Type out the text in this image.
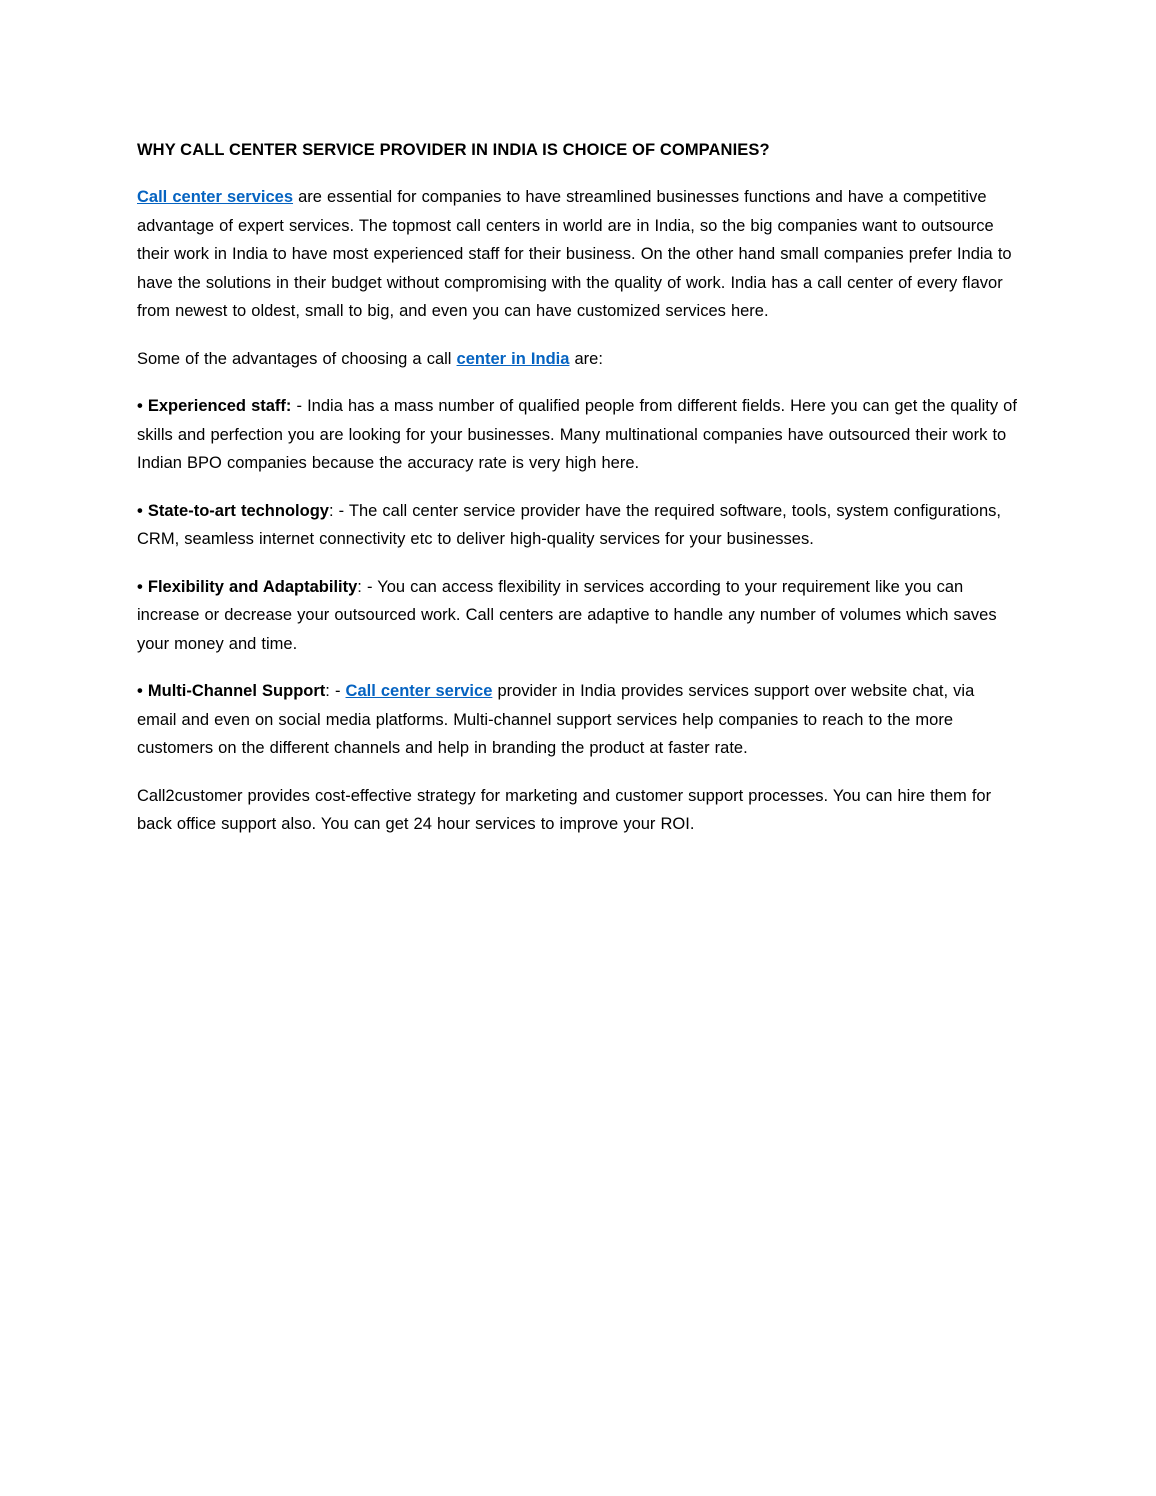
WHY CALL CENTER SERVICE PROVIDER IN INDIA IS CHOICE OF COMPANIES?

Call center services are essential for companies to have streamlined businesses functions and have a competitive advantage of expert services. The topmost call centers in world are in India, so the big companies want to outsource their work in India to have most experienced staff for their business. On the other hand small companies prefer India to have the solutions in their budget without compromising with the quality of work. India has a call center of every flavor from newest to oldest, small to big, and even you can have customized services here.

Some of the advantages of choosing a call center in India are:

• Experienced staff: - India has a mass number of qualified people from different fields. Here you can get the quality of skills and perfection you are looking for your businesses. Many multinational companies have outsourced their work to Indian BPO companies because the accuracy rate is very high here.

• State-to-art technology: - The call center service provider have the required software, tools, system configurations, CRM, seamless internet connectivity etc to deliver high-quality services for your businesses.

• Flexibility and Adaptability: - You can access flexibility in services according to your requirement like you can increase or decrease your outsourced work. Call centers are adaptive to handle any number of volumes which saves your money and time.

• Multi-Channel Support: - Call center service provider in India provides services support over website chat, via email and even on social media platforms. Multi-channel support services help companies to reach to the more customers on the different channels and help in branding the product at faster rate.

Call2customer provides cost-effective strategy for marketing and customer support processes. You can hire them for back office support also. You can get 24 hour services to improve your ROI.
